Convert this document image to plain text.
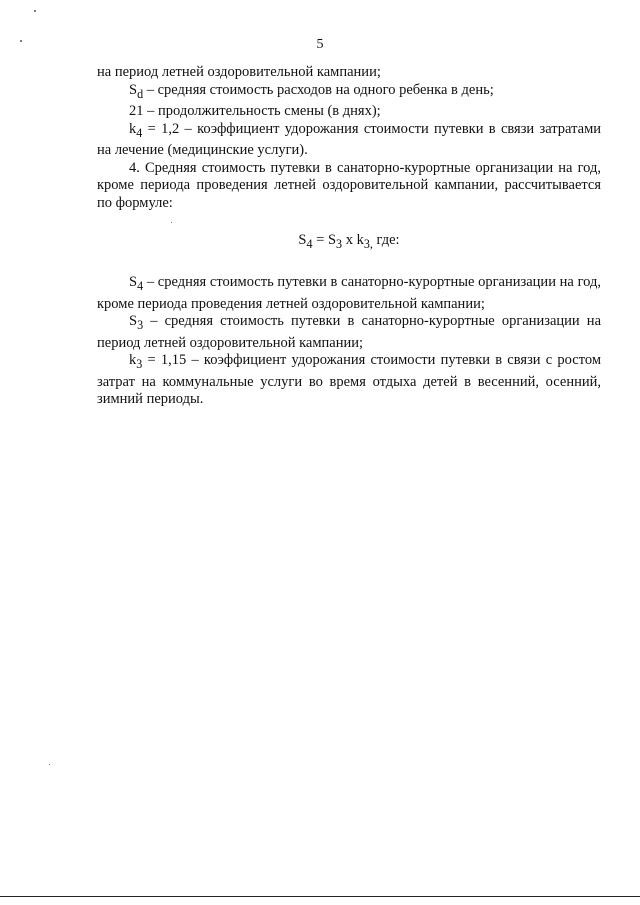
5

на период летней оздоровительной кампании;

$S_d$ – средняя стоимость расходов на одного ребенка в день;

21 – продолжительность смены (в днях);

$k_4 = 1,2$ – коэффициент удорожания стоимости путевки в связи затратами на лечение (медицинские услуги).

4. Средняя стоимость путевки в санаторно-курортные организации на год, кроме периода проведения летней оздоровительной кампании, рассчитывается по формуле:

$S_4 = S_3$ x $k_{3,}$ где:

$S_4$ – средняя стоимость путевки в санаторно-курортные организации на год, кроме периода проведения летней оздоровительной кампании;

$S_3$ – средняя стоимость путевки в санаторно-курортные организации на период летней оздоровительной кампании;

$k_3 = 1,15$ – коэффициент удорожания стоимости путевки в связи с ростом затрат на коммунальные услуги во время отдыха детей в весенний, осенний, зимний периоды.
